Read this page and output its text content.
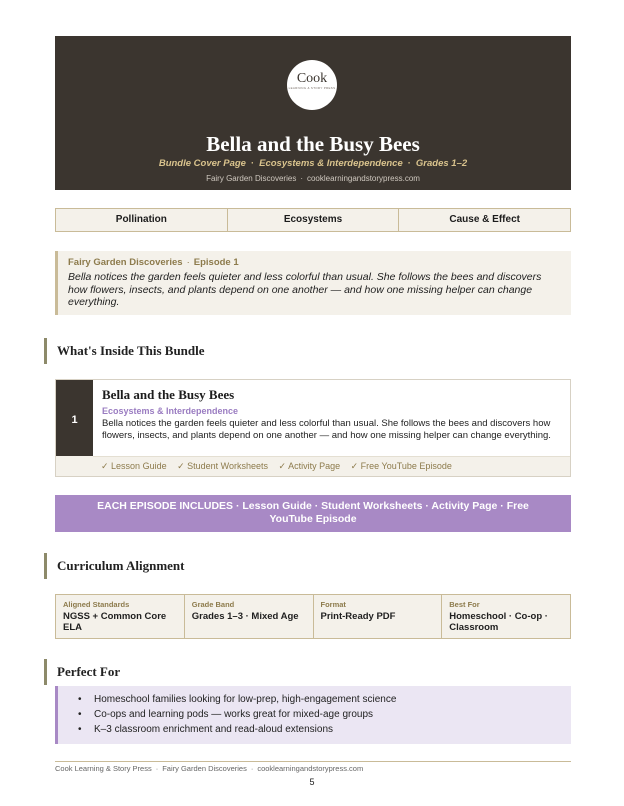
Cook
LEARNING & STORY PRESS
Bella and the Busy Bees
Bundle Cover Page · Ecosystems & Interdependence · Grades 1–2
Fairy Garden Discoveries · cooklearningandstorypress.com
Pollination	Ecosystems	Cause & Effect
Fairy Garden Discoveries · Episode 1
Bella notices the garden feels quieter and less colorful than usual. She follows the bees and discovers how flowers, insects, and plants depend on one another — and how one missing helper can change everything.
What's Inside This Bundle
1
Bella and the Busy Bees
Ecosystems & Interdependence
Bella notices the garden feels quieter and less colorful than usual. She follows the bees and discovers how flowers, insects, and plants depend on one another — and how one missing helper can change everything.
✓ Lesson Guide ✓ Student Worksheets ✓ Activity Page ✓ Free YouTube Episode
EACH EPISODE INCLUDES · Lesson Guide · Student Worksheets · Activity Page · Free YouTube Episode
Curriculum Alignment
Aligned Standards
NGSS + Common Core ELA
Grade Band
Grades 1–3 · Mixed Age
Format
Print-Ready PDF
Best For
Homeschool · Co-op · Classroom
Perfect For
• Homeschool families looking for low-prep, high-engagement science
• Co-ops and learning pods — works great for mixed-age groups
• K–3 classroom enrichment and read-aloud extensions
Cook Learning & Story Press · Fairy Garden Discoveries · cooklearningandstorypress.com
5
